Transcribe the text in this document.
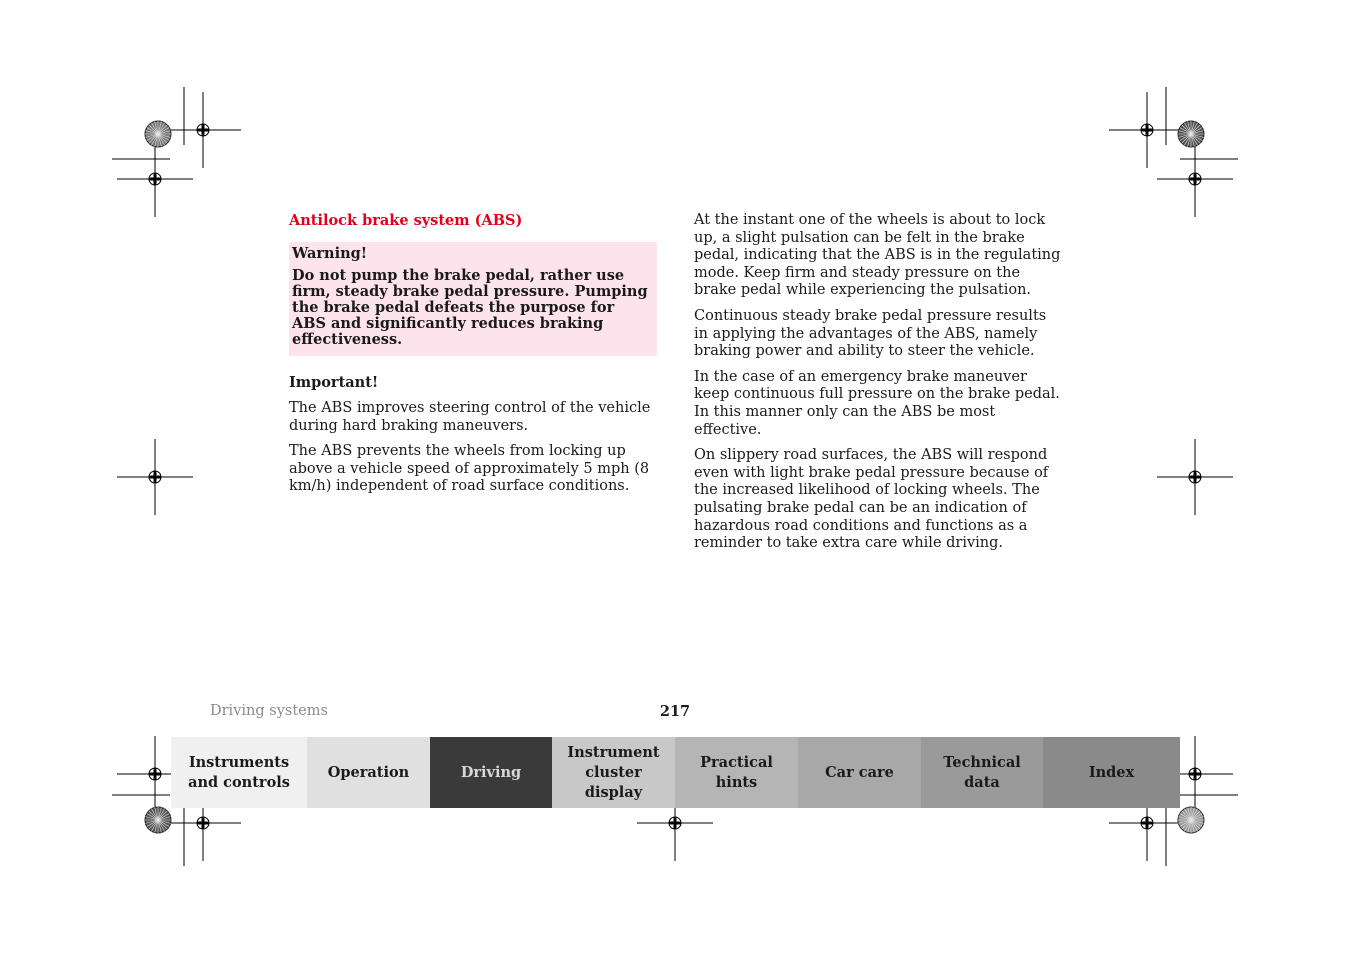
Antilock brake system (ABS)
Warning!

Do not pump the brake pedal, rather use firm, steady brake pedal pressure. Pumping the brake pedal defeats the purpose for ABS and significantly reduces braking effectiveness.

Important!

The ABS improves steering control of the vehicle during hard braking maneuvers.

The ABS prevents the wheels from locking up above a vehicle speed of approximately 5 mph (8 km/h) independent of road surface conditions.

At the instant one of the wheels is about to lock up, a slight pulsation can be felt in the brake pedal, indicating that the ABS is in the regulating mode. Keep firm and steady pressure on the brake pedal while experiencing the pulsation.

Continuous steady brake pedal pressure results in applying the advantages of the ABS, namely braking power and ability to steer the vehicle.

In the case of an emergency brake maneuver keep continuous full pressure on the brake pedal. In this manner only can the ABS be most effective.

On slippery road surfaces, the ABS will respond even with light brake pedal pressure because of the increased likelihood of locking wheels. The pulsating brake pedal can be an indication of hazardous road conditions and functions as a reminder to take extra care while driving.

Driving systems	217
Instruments
and controls
Operation	Driving
Instrument
cluster display
Practical hints
Car care
Technical
data
Index
